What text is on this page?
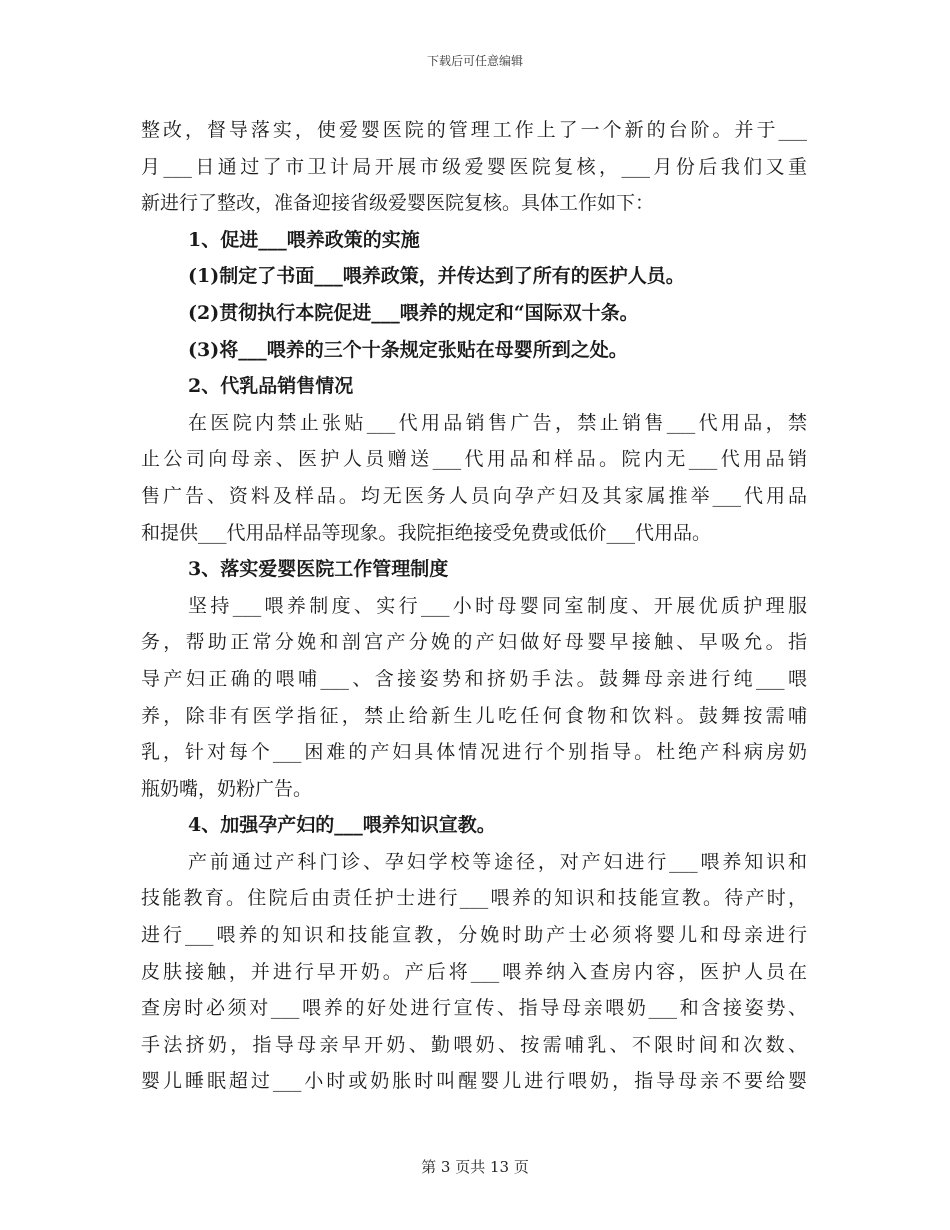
下载后可任意编辑
整改，督导落实，使爱婴医院的管理工作上了一个新的台阶。并于___
月___日通过了市卫计局开展市级爱婴医院复核，___月份后我们又重
新进行了整改，准备迎接省级爱婴医院复核。具体工作如下：
1、促进___喂养政策的实施
(1)制定了书面___喂养政策，并传达到了所有的医护人员。
(2)贯彻执行本院促进___喂养的规定和“国际双十条。
(3)将___喂养的三个十条规定张贴在母婴所到之处。
2、代乳品销售情况
在医院内禁止张贴___代用品销售广告，禁止销售___代用品，禁
止公司向母亲、医护人员赠送___代用品和样品。院内无___代用品销
售广告、资料及样品。均无医务人员向孕产妇及其家属推举___代用品
和提供___代用品样品等现象。我院拒绝接受免费或低价___代用品。
3、落实爱婴医院工作管理制度
坚持___喂养制度、实行___小时母婴同室制度、开展优质护理服
务，帮助正常分娩和剖宫产分娩的产妇做好母婴早接触、早吸允。指
导产妇正确的喂哺___、含接姿势和挤奶手法。鼓舞母亲进行纯___喂
养，除非有医学指征，禁止给新生儿吃任何食物和饮料。鼓舞按需哺
乳，针对每个___困难的产妇具体情况进行个别指导。杜绝产科病房奶
瓶奶嘴，奶粉广告。
4、加强孕产妇的___喂养知识宣教。
产前通过产科门诊、孕妇学校等途径，对产妇进行___喂养知识和
技能教育。住院后由责任护士进行___喂养的知识和技能宣教。待产时，
进行___喂养的知识和技能宣教，分娩时助产士必须将婴儿和母亲进行
皮肤接触，并进行早开奶。产后将___喂养纳入查房内容，医护人员在
查房时必须对___喂养的好处进行宣传、指导母亲喂奶___和含接姿势、
手法挤奶，指导母亲早开奶、勤喂奶、按需哺乳、不限时间和次数、
婴儿睡眠超过___小时或奶胀时叫醒婴儿进行喂奶，指导母亲不要给婴
第 3 页共 13 页
